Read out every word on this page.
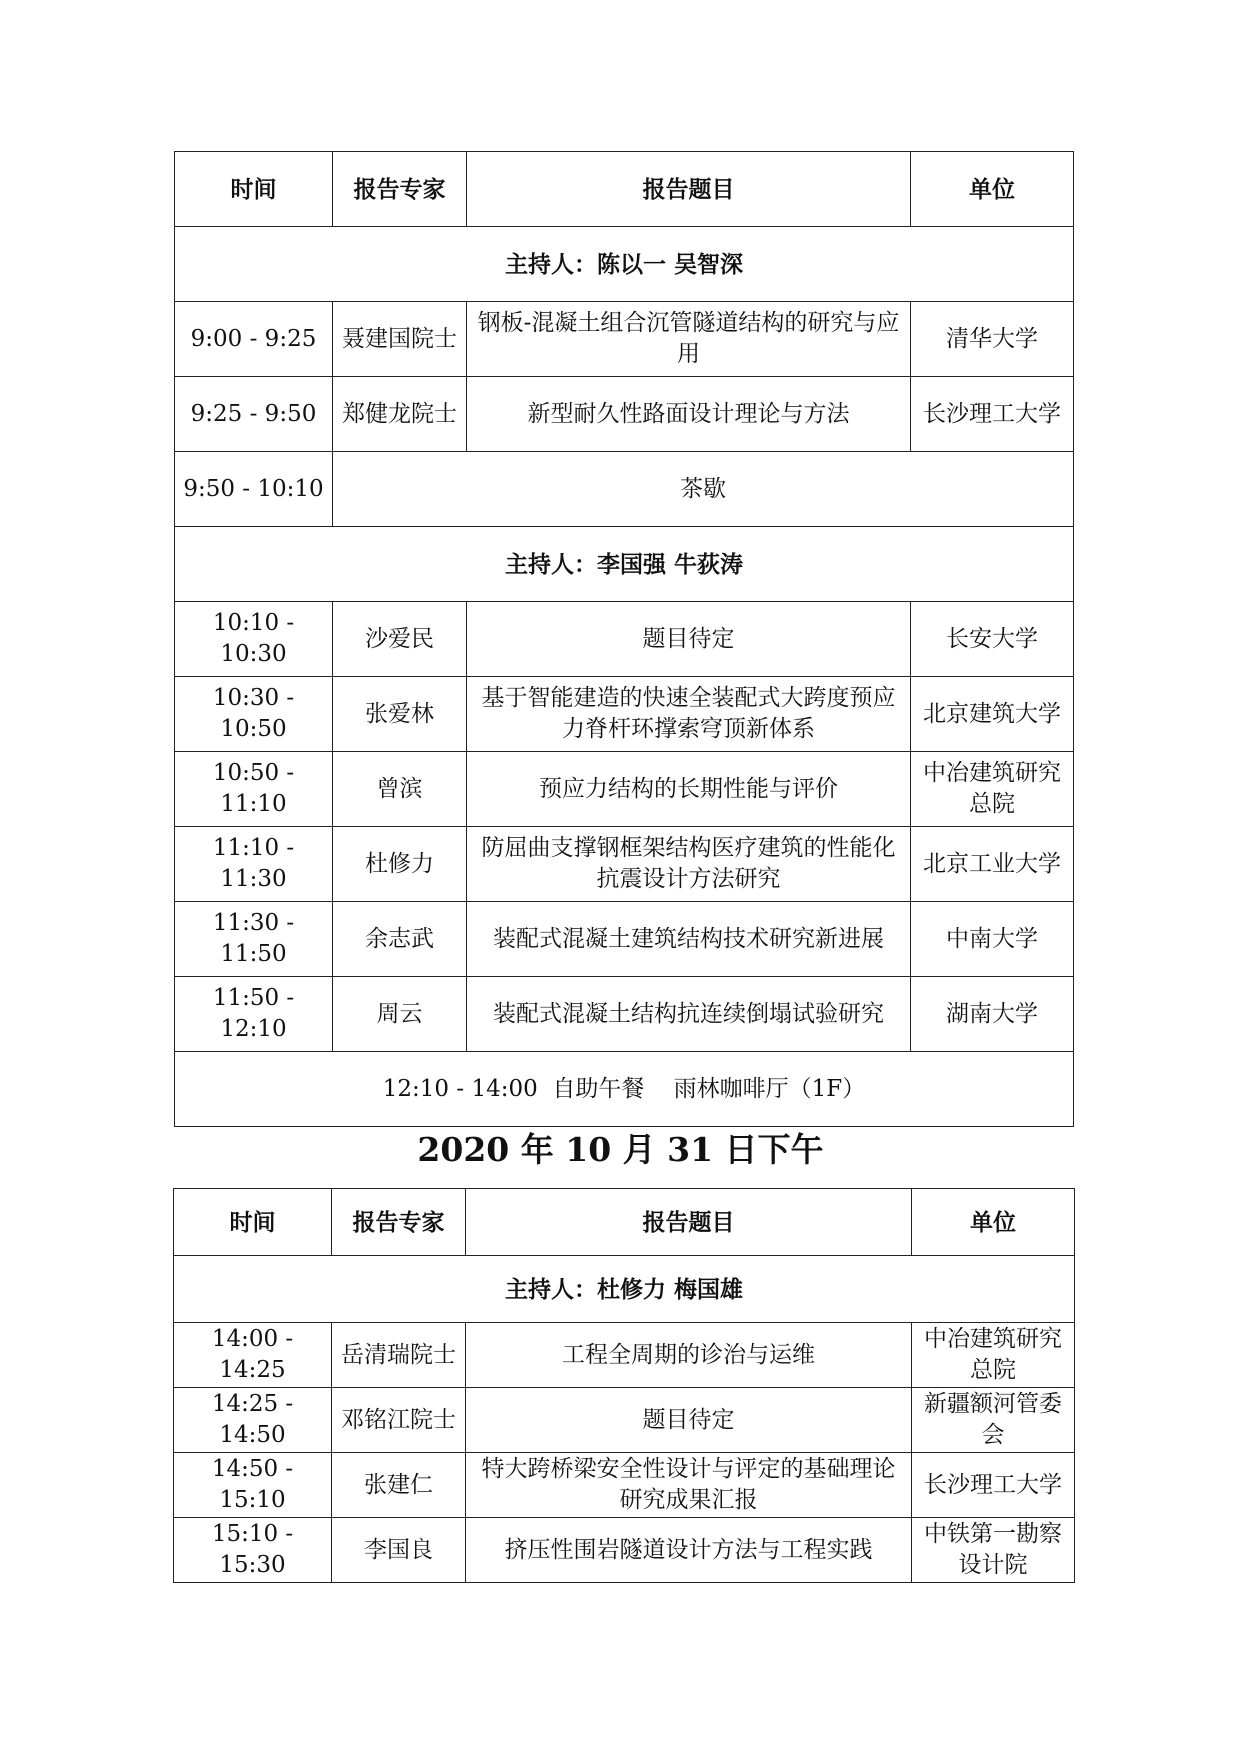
时间	报告专家	报告题目	单位
主持人：陈以一 吴智深			
9:00 - 9:25	聂建国院士	钢板-混凝土组合沉管隧道结构的研究与应用	清华大学
9:25 - 9:50	郑健龙院士	新型耐久性路面设计理论与方法	长沙理工大学
9:50 - 10:10	茶歇		
主持人：李国强 牛荻涛			
10:10 - 10:30	沙爱民	题目待定	长安大学
10:30 - 10:50	张爱林	基于智能建造的快速全装配式大跨度预应力脊杆环撑索穹顶新体系	北京建筑大学
10:50 - 11:10	曾滨	预应力结构的长期性能与评价	中冶建筑研究总院
11:10 - 11:30	杜修力	防屈曲支撑钢框架结构医疗建筑的性能化抗震设计方法研究	北京工业大学
11:30 - 11:50	余志武	装配式混凝土建筑结构技术研究新进展	中南大学
11:50 - 12:10	周云	装配式混凝土结构抗连续倒塌试验研究	湖南大学
12:10 - 14:00  自助午餐    雨林咖啡厅（1F）			
2020 年 10 月 31 日下午
时间	报告专家	报告题目	单位
主持人：杜修力 梅国雄			
14:00 - 14:25	岳清瑞院士	工程全周期的诊治与运维	中冶建筑研究总院
14:25 - 14:50	邓铭江院士	题目待定	新疆额河管委会
14:50 - 15:10	张建仁	特大跨桥梁安全性设计与评定的基础理论研究成果汇报	长沙理工大学
15:10 - 15:30	李国良	挤压性围岩隧道设计方法与工程实践	中铁第一勘察设计院
